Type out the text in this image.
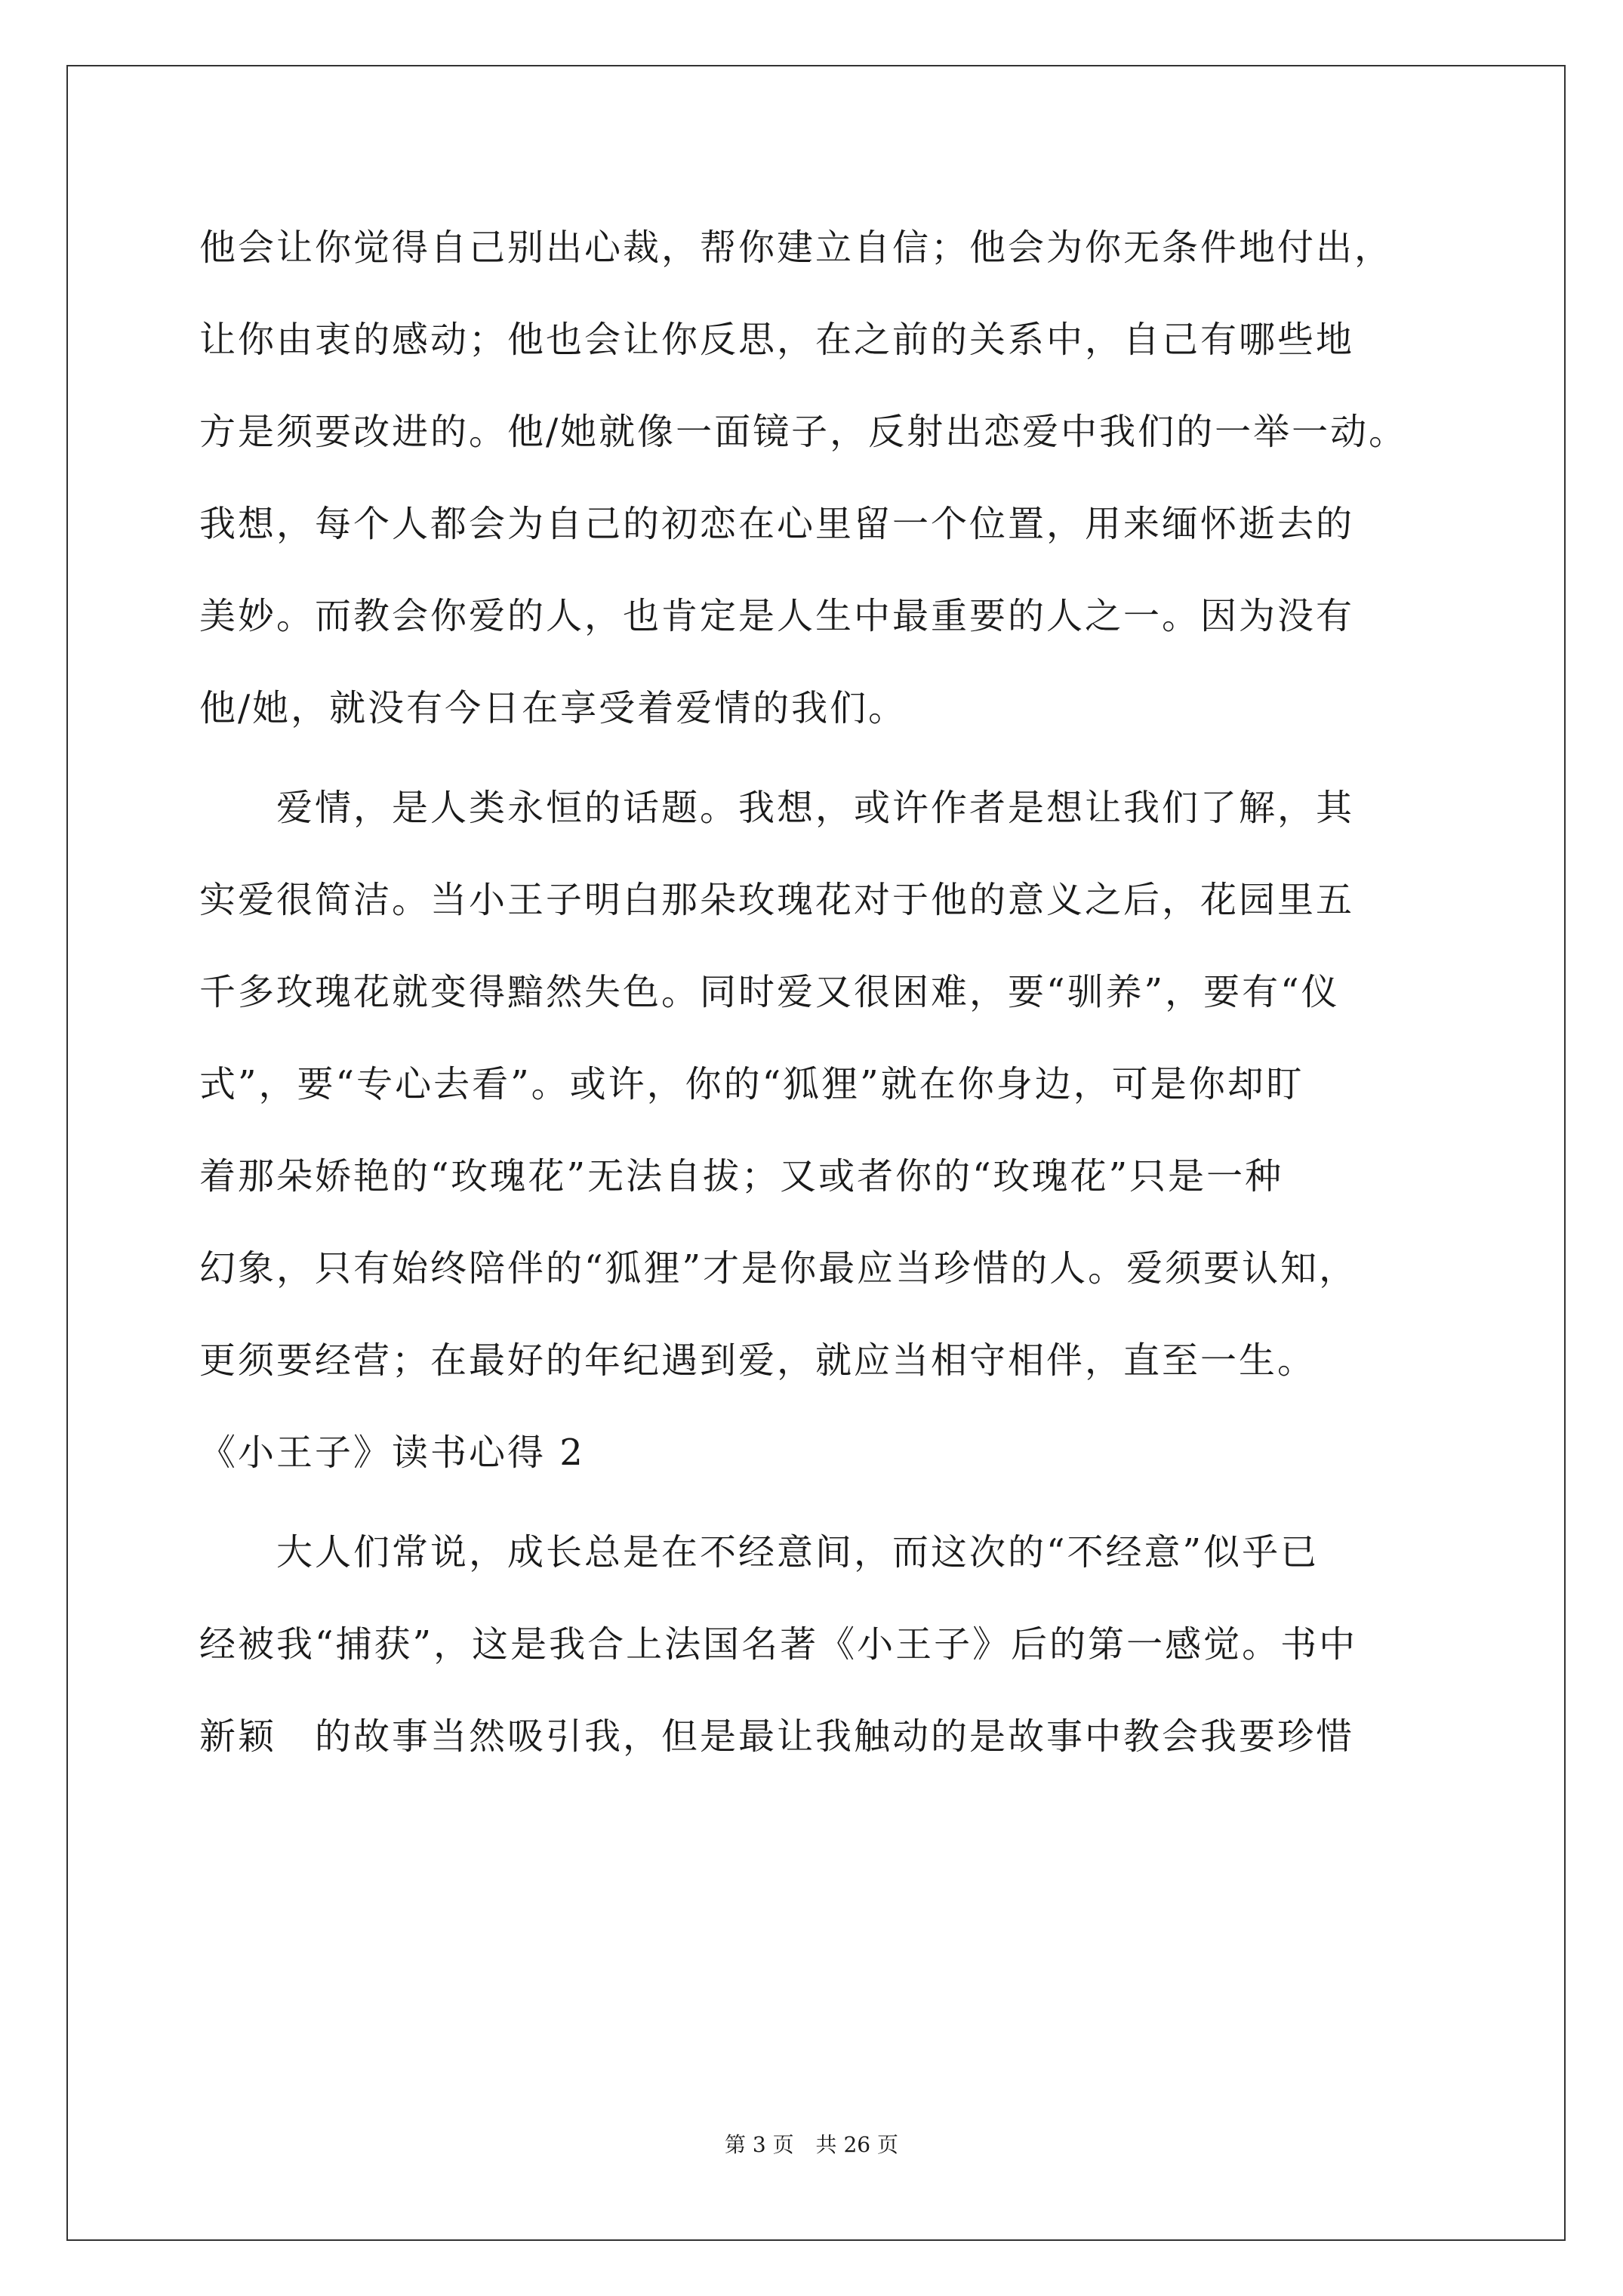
他会让你觉得自己别出心裁，帮你建立自信；他会为你无条件地付出，
让你由衷的感动；他也会让你反思，在之前的关系中，自己有哪些地
方是须要改进的。他/她就像一面镜子，反射出恋爱中我们的一举一动。
我想，每个人都会为自己的初恋在心里留一个位置，用来缅怀逝去的
美妙。而教会你爱的人，也肯定是人生中最重要的人之一。因为没有
他/她，就没有今日在享受着爱情的我们。
　　爱情，是人类永恒的话题。我想，或许作者是想让我们了解，其
实爱很简洁。当小王子明白那朵玫瑰花对于他的意义之后，花园里五
千多玫瑰花就变得黯然失色。同时爱又很困难，要“驯养”，要有“仪
式”，要“专心去看”。或许，你的“狐狸”就在你身边，可是你却盯
着那朵娇艳的“玫瑰花”无法自拔；又或者你的“玫瑰花”只是一种
幻象，只有始终陪伴的“狐狸”才是你最应当珍惜的人。爱须要认知，
更须要经营；在最好的年纪遇到爱，就应当相守相伴，直至一生。
《小王子》读书心得 2
　　大人们常说，成长总是在不经意间，而这次的“不经意”似乎已
经被我“捕获”，这是我合上法国名著《小王子》后的第一感觉。书中
新颖　的故事当然吸引我，但是最让我触动的是故事中教会我要珍惜
第 3 页 共 26 页
